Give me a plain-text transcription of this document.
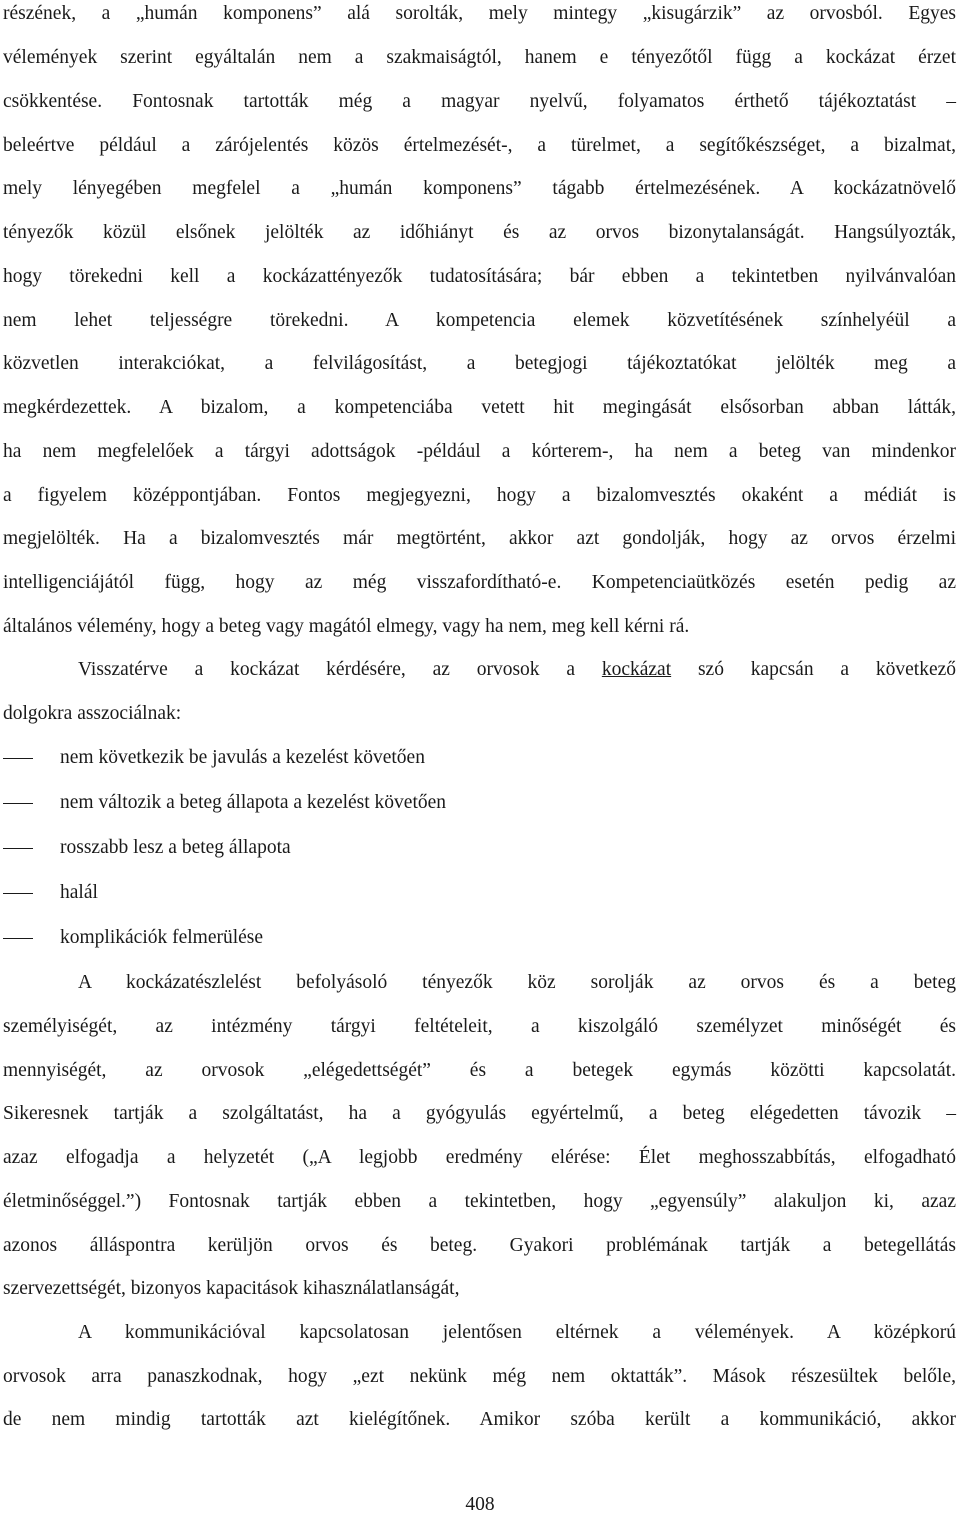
részének, a „humán komponens” alá sorolták, mely mintegy „kisugárzik” az orvosból. Egyes
vélemények szerint egyáltalán nem a szakmaiságtól, hanem e tényezőtől függ a kockázat érzet
csökkentése. Fontosnak tartották még a magyar nyelvű, folyamatos érthető tájékoztatást –
beleértve például a zárójelentés közös értelmezését-, a türelmet, a segítőkészséget, a bizalmat,
mely lényegében megfelel a „humán komponens” tágabb értelmezésének. A kockázatnövelő
tényezők közül elsőnek jelölték az időhiányt és az orvos bizonytalanságát. Hangsúlyozták,
hogy törekedni kell a kockázattényezők tudatosítására; bár ebben a tekintetben nyilvánvalóan
nem lehet teljességre törekedni. A kompetencia elemek közvetítésének színhelyéül a
közvetlen interakciókat, a felvilágosítást, a betegjogi tájékoztatókat jelölték meg a
megkérdezettek. A bizalom, a kompetenciába vetett hit megingását elsősorban abban látták,
ha nem megfelelőek a tárgyi adottságok -például a kórterem-, ha nem a beteg van mindenkor
a figyelem középpontjában. Fontos megjegyezni, hogy a bizalomvesztés okaként a médiát is
megjelölték. Ha a bizalomvesztés már megtörtént, akkor azt gondolják, hogy az orvos érzelmi
intelligenciájától függ, hogy az még visszafordítható-e. Kompetenciaütközés esetén pedig az
általános vélemény, hogy a beteg vagy magától elmegy, vagy ha nem, meg kell kérni rá.
Visszatérve a kockázat kérdésére, az orvosok a kockázat szó kapcsán a következő
dolgokra asszociálnak:
nem következik be javulás a kezelést követően
nem változik a beteg állapota a kezelést követően
rosszabb lesz a beteg állapota
halál
komplikációk felmerülése
A kockázatészlelést befolyásoló tényezők köz sorolják az orvos és a beteg
személyiségét, az intézmény tárgyi feltételeit, a kiszolgáló személyzet minőségét és
mennyiségét, az orvosok „elégedettségét” és a betegek egymás közötti kapcsolatát.
Sikeresnek tartják a szolgáltatást, ha a gyógyulás egyértelmű, a beteg elégedetten távozik –
azaz elfogadja a helyzetét („A legjobb eredmény elérése: Élet meghosszabbítás, elfogadható
életminőséggel.”) Fontosnak tartják ebben a tekintetben, hogy „egyensúly” alakuljon ki, azaz
azonos álláspontra kerüljön orvos és beteg. Gyakori problémának tartják a betegellátás
szervezettségét, bizonyos kapacitások kihasználatlanságát,
A kommunikációval kapcsolatosan jelentősen eltérnek a vélemények. A középkorú
orvosok arra panaszkodnak, hogy „ezt nekünk még nem oktatták”. Mások részesültek belőle,
de nem mindig tartották azt kielégítőnek. Amikor szóba került a kommunikáció, akkor
408
